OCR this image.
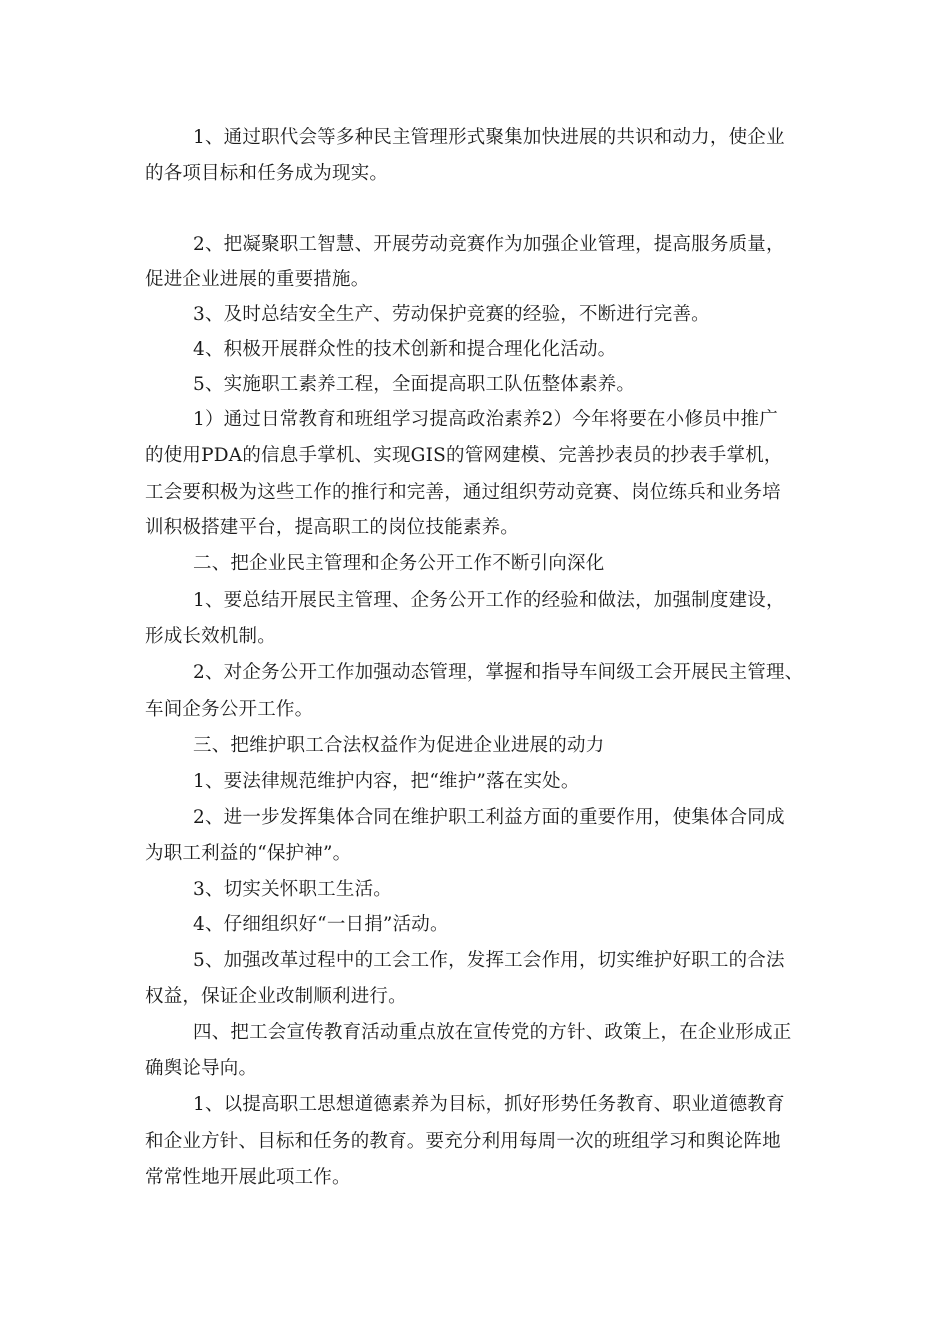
1、通过职代会等多种民主管理形式聚集加快进展的共识和动力，使企业
的各项目标和任务成为现实。
2、把凝聚职工智慧、开展劳动竞赛作为加强企业管理，提高服务质量，
促进企业进展的重要措施。
3、及时总结安全生产、劳动保护竞赛的经验，不断进行完善。
4、积极开展群众性的技术创新和提合理化化活动。
5、实施职工素养工程，全面提高职工队伍整体素养。
1）通过日常教育和班组学习提高政治素养2）今年将要在小修员中推广
的使用PDA的信息手掌机、实现GIS的管网建模、完善抄表员的抄表手掌机，
工会要积极为这些工作的推行和完善，通过组织劳动竞赛、岗位练兵和业务培
训积极搭建平台，提高职工的岗位技能素养。
二、把企业民主管理和企务公开工作不断引向深化
1、要总结开展民主管理、企务公开工作的经验和做法，加强制度建设，
形成长效机制。
2、对企务公开工作加强动态管理，掌握和指导车间级工会开展民主管理、
车间企务公开工作。
三、把维护职工合法权益作为促进企业进展的动力
1、要法律规范维护内容，把“维护”落在实处。
2、进一步发挥集体合同在维护职工利益方面的重要作用，使集体合同成
为职工利益的“保护神”。
3、切实关怀职工生活。
4、仔细组织好“一日捐”活动。
5、加强改革过程中的工会工作，发挥工会作用，切实维护好职工的合法
权益，保证企业改制顺利进行。
四、把工会宣传教育活动重点放在宣传党的方针、政策上，在企业形成正
确舆论导向。
1、以提高职工思想道德素养为目标，抓好形势任务教育、职业道德教育
和企业方针、目标和任务的教育。要充分利用每周一次的班组学习和舆论阵地
常常性地开展此项工作。
